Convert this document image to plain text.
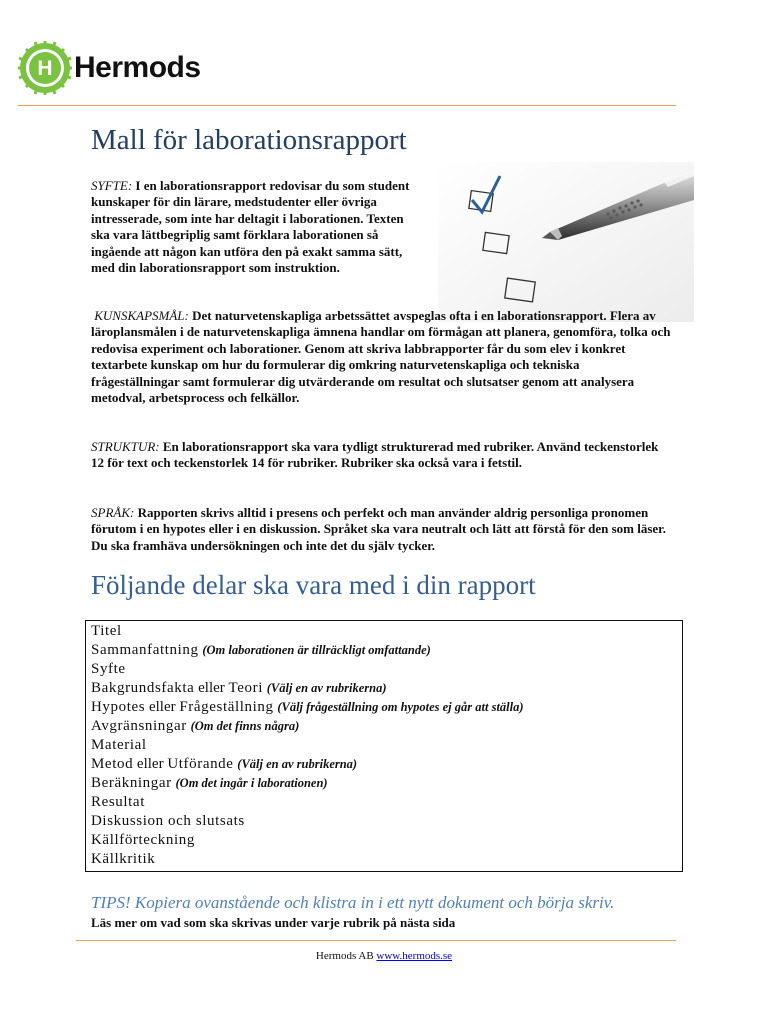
H Hermods
Mall för laborationsrapport

SYFTE: I en laborationsrapport redovisar du som student kunskaper för din lärare, medstudenter eller övriga intresserade, som inte har deltagit i laborationen. Texten ska vara lättbegriplig samt förklara laborationen så ingående att någon kan utföra den på exakt samma sätt, med din laborationsrapport som instruktion.

KUNSKAPSMÅL: Det naturvetenskapliga arbetssättet avspeglas ofta i en laborationsrapport. Flera av läroplansmålen i de naturvetenskapliga ämnena handlar om förmågan att planera, genomföra, tolka och redovisa experiment och laborationer. Genom att skriva labbrapporter får du som elev i konkret textarbete kunskap om hur du formulerar dig omkring naturvetenskapliga och tekniska frågeställningar samt formulerar dig utvärderande om resultat och slutsatser genom att analysera metodval, arbetsprocess och felkällor.

STRUKTUR: En laborationsrapport ska vara tydligt strukturerad med rubriker. Använd teckenstorlek 12 för text och teckenstorlek 14 för rubriker. Rubriker ska också vara i fetstil.

SPRÅK: Rapporten skrivs alltid i presens och perfekt och man använder aldrig personliga pronomen förutom i en hypotes eller i en diskussion. Språket ska vara neutralt och lätt att förstå för den som läser. Du ska framhäva undersökningen och inte det du själv tycker.

Följande delar ska vara med i din rapport
Titel
Sammanfattning (Om laborationen är tillräckligt omfattande)
Syfte
Bakgrundsfakta eller Teori (Välj en av rubrikerna)
Hypotes eller Frågeställning (Välj frågeställning om hypotes ej går att ställa)
Avgränsningar (Om det finns några)
Material
Metod eller Utförande (Välj en av rubrikerna)
Beräkningar (Om det ingår i laborationen)
Resultat
Diskussion och slutsats
Källförteckning
Källkritik
TIPS! Kopiera ovanstående och klistra in i ett nytt dokument och börja skriv.
Läs mer om vad som ska skrivas under varje rubrik på nästa sida
Hermods AB www.hermods.se
